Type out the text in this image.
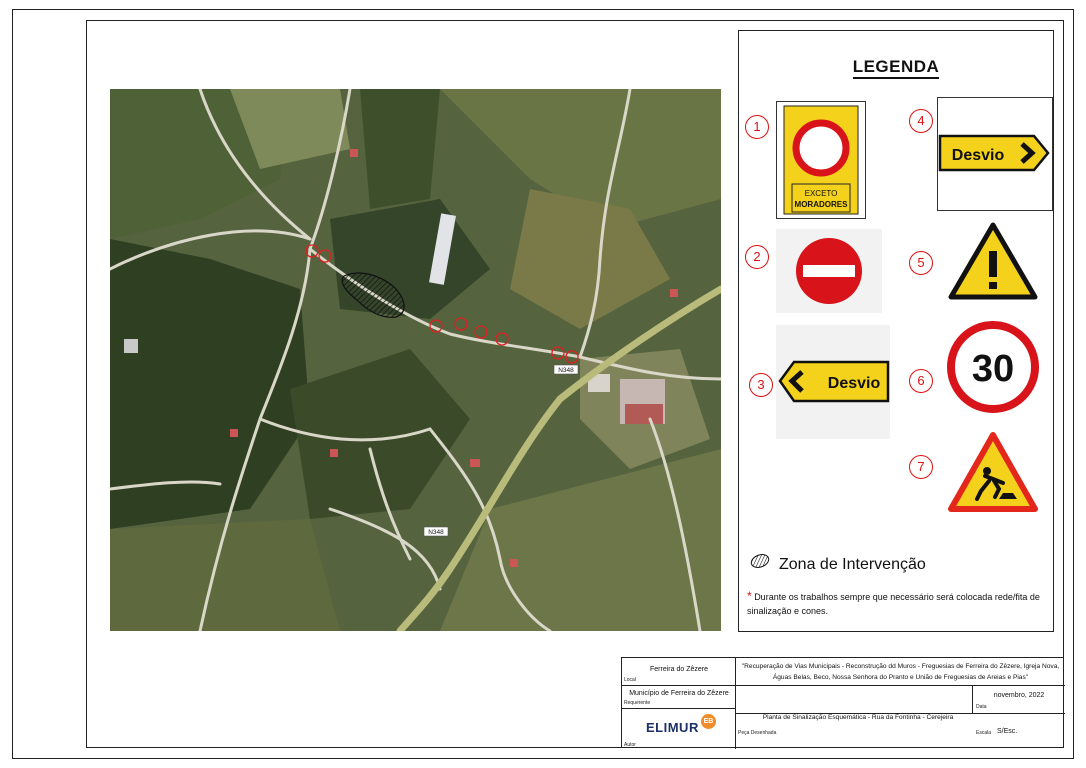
N348
N348
LEGENDA
1
EXCETO
MORADORES
4
Desvio
2	5
3	Desvio	6 30
7
Zona de Intervenção
* Durante os trabalhos sempre que necessário será colocada rede/fita de sinalização e cones.
Ferreira do Zêzere
Local
"Recuperação de Vias Municipais - Reconstrução dd Muros - Freguesias de Ferreira do Zêzere, Igreja Nova, Águas Belas, Beco, Nossa Senhora do Pranto e União de Freguesias de Areias e Pias"
Município de Ferreira do Zêzere
Requerente
novembro, 2022
Data
ELIMUR EB
Autor
Planta de Sinalização Esquemática - Rua da Fontinha - Cerejeira
Peça Desenhada	Escala S/Esc.
